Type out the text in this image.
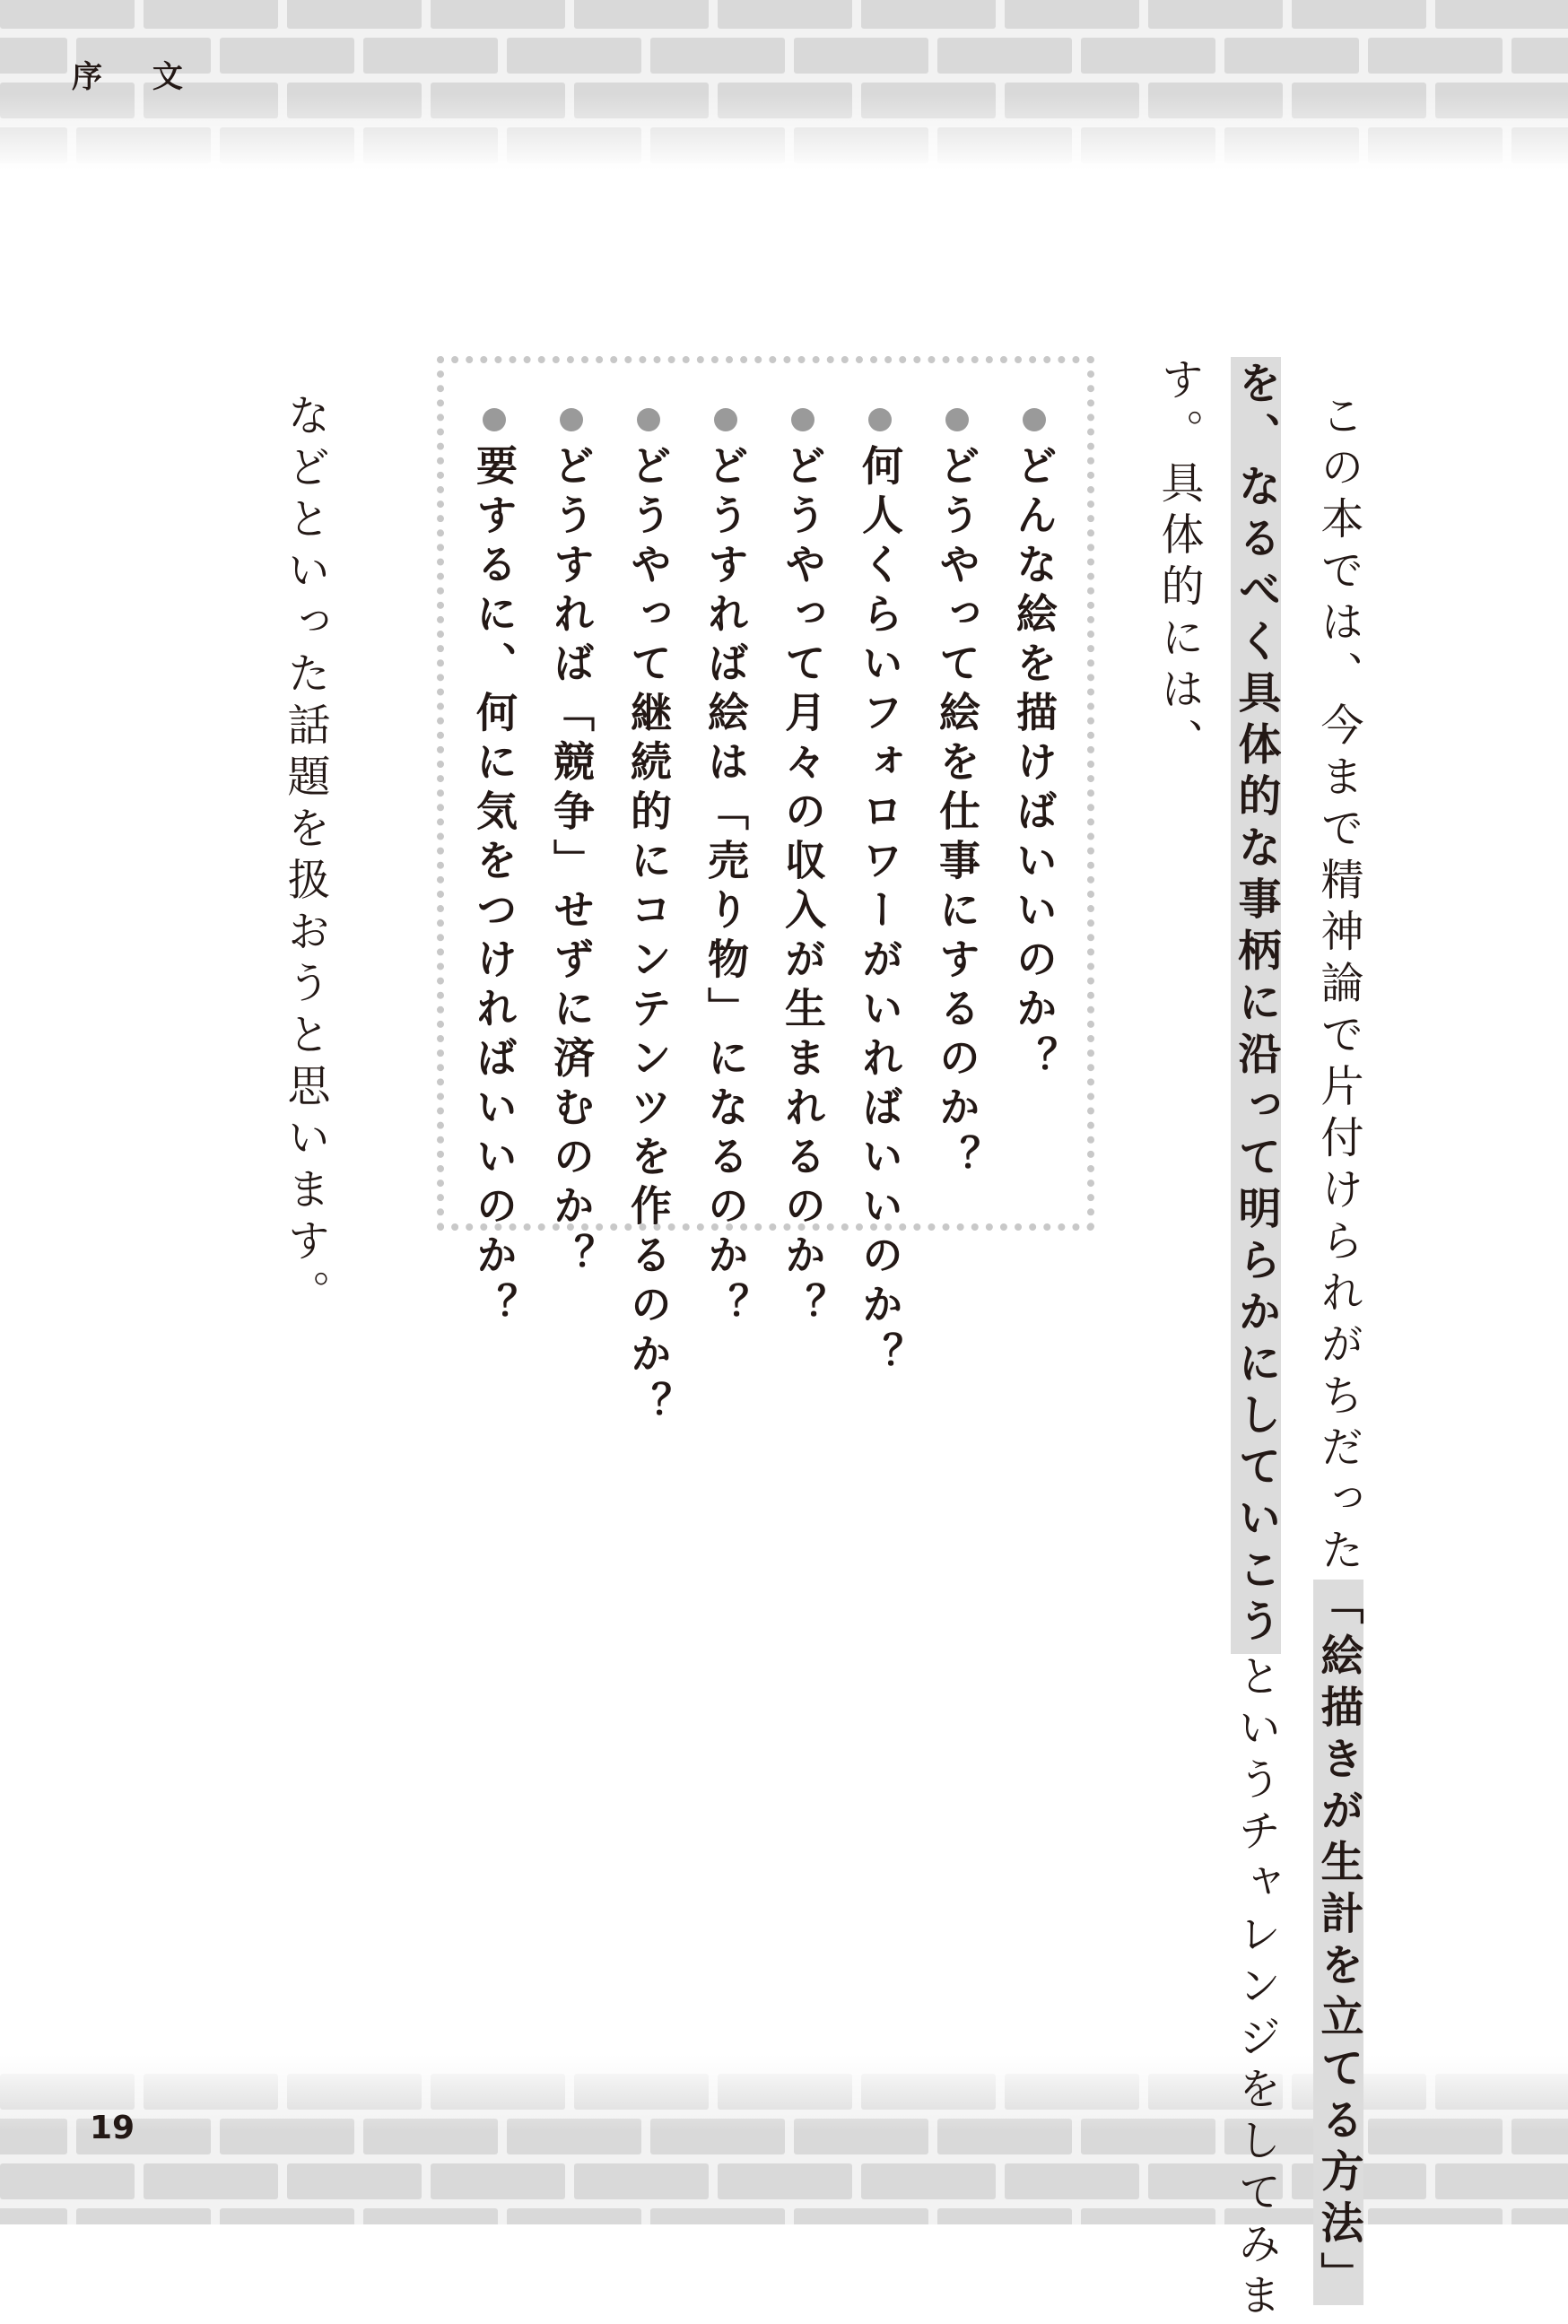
序 文
19
この本では、今まで精神論で片付けられがちだった「絵描きが生計を立てる方法」
を、なるべく具体的な事柄に沿って明らかにしていこうというチャレンジをしてみま
す。具体的には、
どんな絵を描けばいいのか？
どうやって絵を仕事にするのか？
何人くらいフォロワーがいればいいのか？
どうやって月々の収入が生まれるのか？
どうすれば絵は「売り物」になるのか？
どうやって継続的にコンテンツを作るのか？
どうすれば「競争」せずに済むのか？
要するに、何に気をつければいいのか？
などといった話題を扱おうと思います。
